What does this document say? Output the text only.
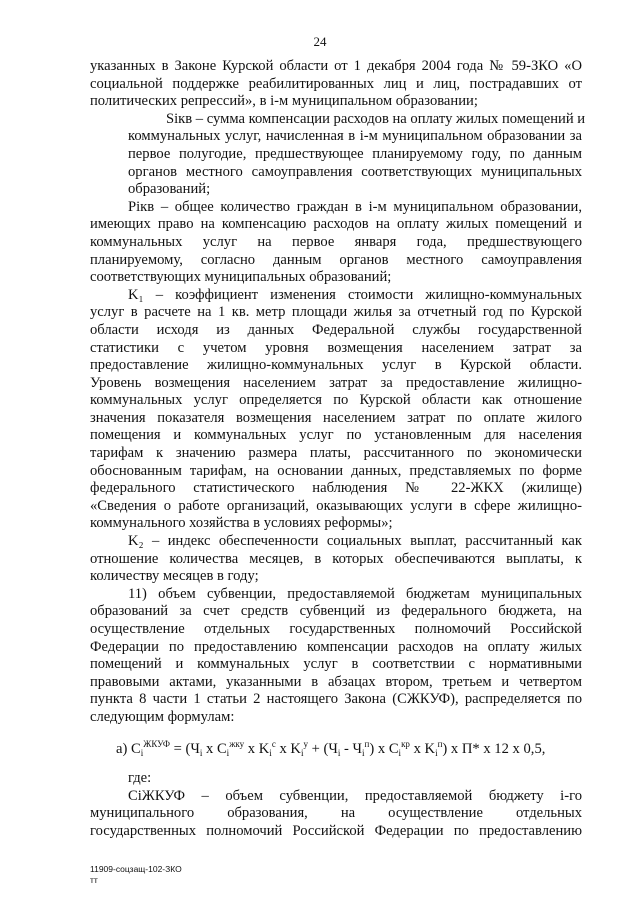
24
указанных в Законе Курской области от 1 декабря 2004 года № 59-ЗКО «О
социальной поддержке реабилитированных лиц и лиц, пострадавших от
политических репрессий», в i-м муниципальном образовании;
Siкв – сумма компенсации расходов на оплату жилых помещений и
коммунальных услуг, начисленная в i-м муниципальном образовании за
первое полугодие, предшествующее планируемому году, по данным
органов местного самоуправления соответствующих муниципальных
образований;
Piкв – общее количество граждан в i-м муниципальном образовании,
имеющих право на компенсацию расходов на оплату жилых помещений и
коммунальных услуг на первое января года, предшествующего
планируемому, согласно данным органов местного самоуправления
соответствующих муниципальных образований;
K₁ – коэффициент изменения стоимости жилищно-коммунальных
услуг в расчете на 1 кв. метр площади жилья за отчетный год по Курской
области исходя из данных Федеральной службы государственной
статистики с учетом уровня возмещения населением затрат за
предоставление жилищно-коммунальных услуг в Курской области.
Уровень возмещения населением затрат за предоставление жилищно-
коммунальных услуг определяется по Курской области как отношение
значения показателя возмещения населением затрат по оплате жилого
помещения и коммунальных услуг по установленным для населения
тарифам к значению размера платы, рассчитанного по экономически
обоснованным тарифам, на основании данных, представляемых по форме
федерального статистического наблюдения № 22-ЖКХ (жилище)
«Сведения о работе организаций, оказывающих услуги в сфере жилищно-
коммунального хозяйства в условиях реформы»;
K₂ – индекс обеспеченности социальных выплат, рассчитанный как
отношение количества месяцев, в которых обеспечиваются выплаты, к
количеству месяцев в году;
11) объем субвенции, предоставляемой бюджетам муниципальных
образований за счет средств субвенций из федерального бюджета, на
осуществление отдельных государственных полномочий Российской
Федерации по предоставлению компенсации расходов на оплату жилых
помещений и коммунальных услуг в соответствии с нормативными
правовыми актами, указанными в абзацах втором, третьем и четвертом
пункта 8 части 1 статьи 2 настоящего Закона (СЖКУФ), распределяется по
следующим формулам:
а) $C_i^{ЖКУФ} = (Ч_i$ x $C_i^{жку}$ x $K_i^с$ x $K_i^у + (Ч_i - Ч_i^п)$ x $C_i^{кр}$ x $K_i^п$) x П* x 12 x 0,5,
где:
CiЖКУФ – объем субвенции, предоставляемой бюджету i-го
муниципального образования, на осуществление отдельных
государственных полномочий Российской Федерации по предоставлению
11909-соцзащ-102-ЗКО
тт
